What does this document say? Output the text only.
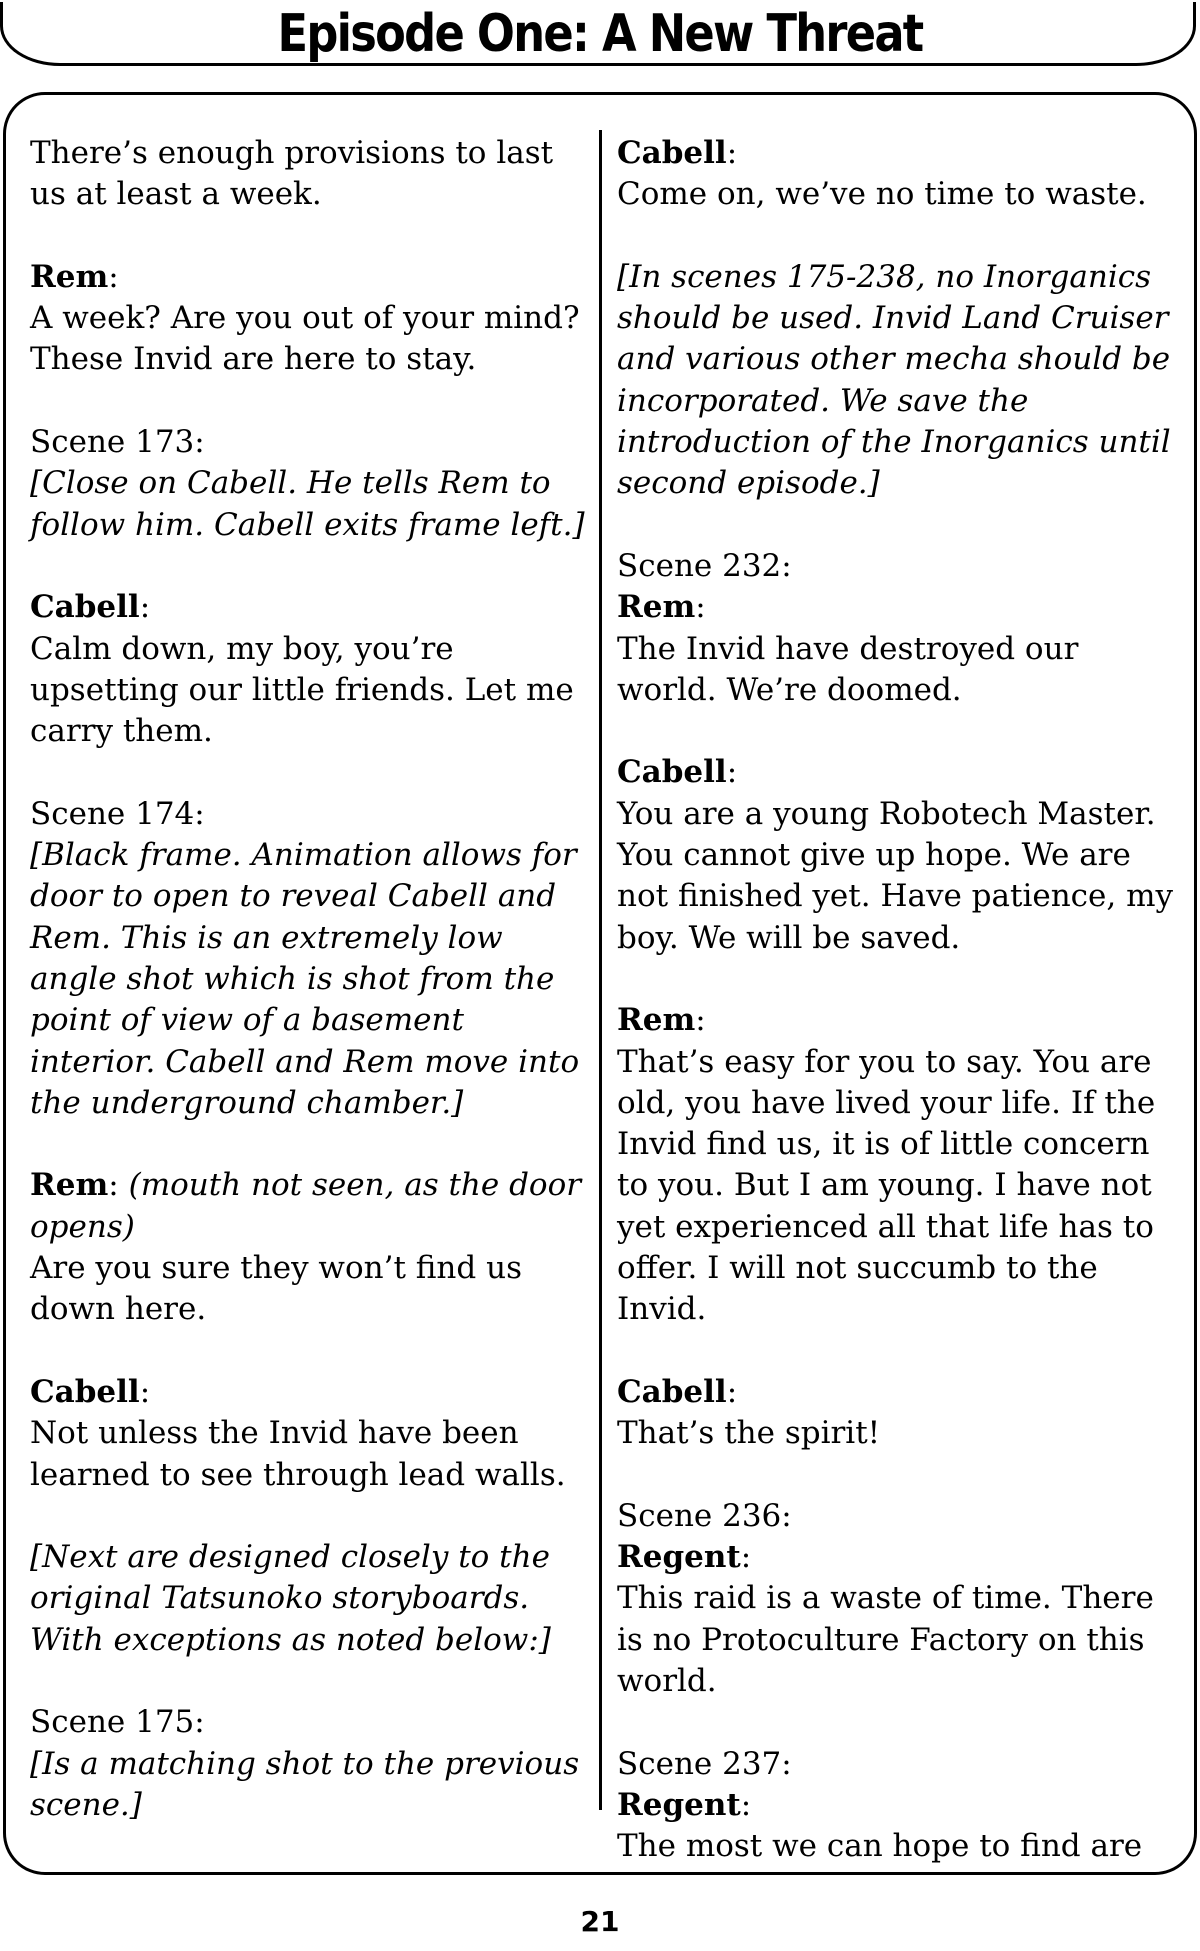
Episode One: A New Threat

There’s enough provisions to last us at least a week.

Rem:
A week? Are you out of your mind? These Invid are here to stay.

Scene 173:
[Close on Cabell. He tells Rem to follow him. Cabell exits frame left.]

Cabell:
Calm down, my boy, you’re upsetting our little friends. Let me carry them.

Scene 174:
[Black frame. Animation allows for door to open to reveal Cabell and Rem. This is an extremely low angle shot which is shot from the point of view of a basement interior. Cabell and Rem move into the underground chamber.]

Rem: (mouth not seen, as the door opens)
Are you sure they won’t find us down here.

Cabell:
Not unless the Invid have been learned to see through lead walls.

[Next are designed closely to the original Tatsunoko storyboards. With exceptions as noted below:]

Scene 175:
[Is a matching shot to the previous scene.]

Cabell:
Come on, we’ve no time to waste.

[In scenes 175-238, no Inorganics should be used. Invid Land Cruiser and various other mecha should be incorporated. We save the introduction of the Inorganics until second episode.]

Scene 232:
Rem:
The Invid have destroyed our world. We’re doomed.

Cabell:
You are a young Robotech Master. You cannot give up hope. We are not finished yet. Have patience, my boy. We will be saved.

Rem:
That’s easy for you to say. You are old, you have lived your life. If the Invid find us, it is of little concern to you. But I am young. I have not yet experienced all that life has to offer. I will not succumb to the Invid.

Cabell:
That’s the spirit!

Scene 236:
Regent:
This raid is a waste of time. There is no Protoculture Factory on this world.

Scene 237:
Regent:
The most we can hope to find are

21
